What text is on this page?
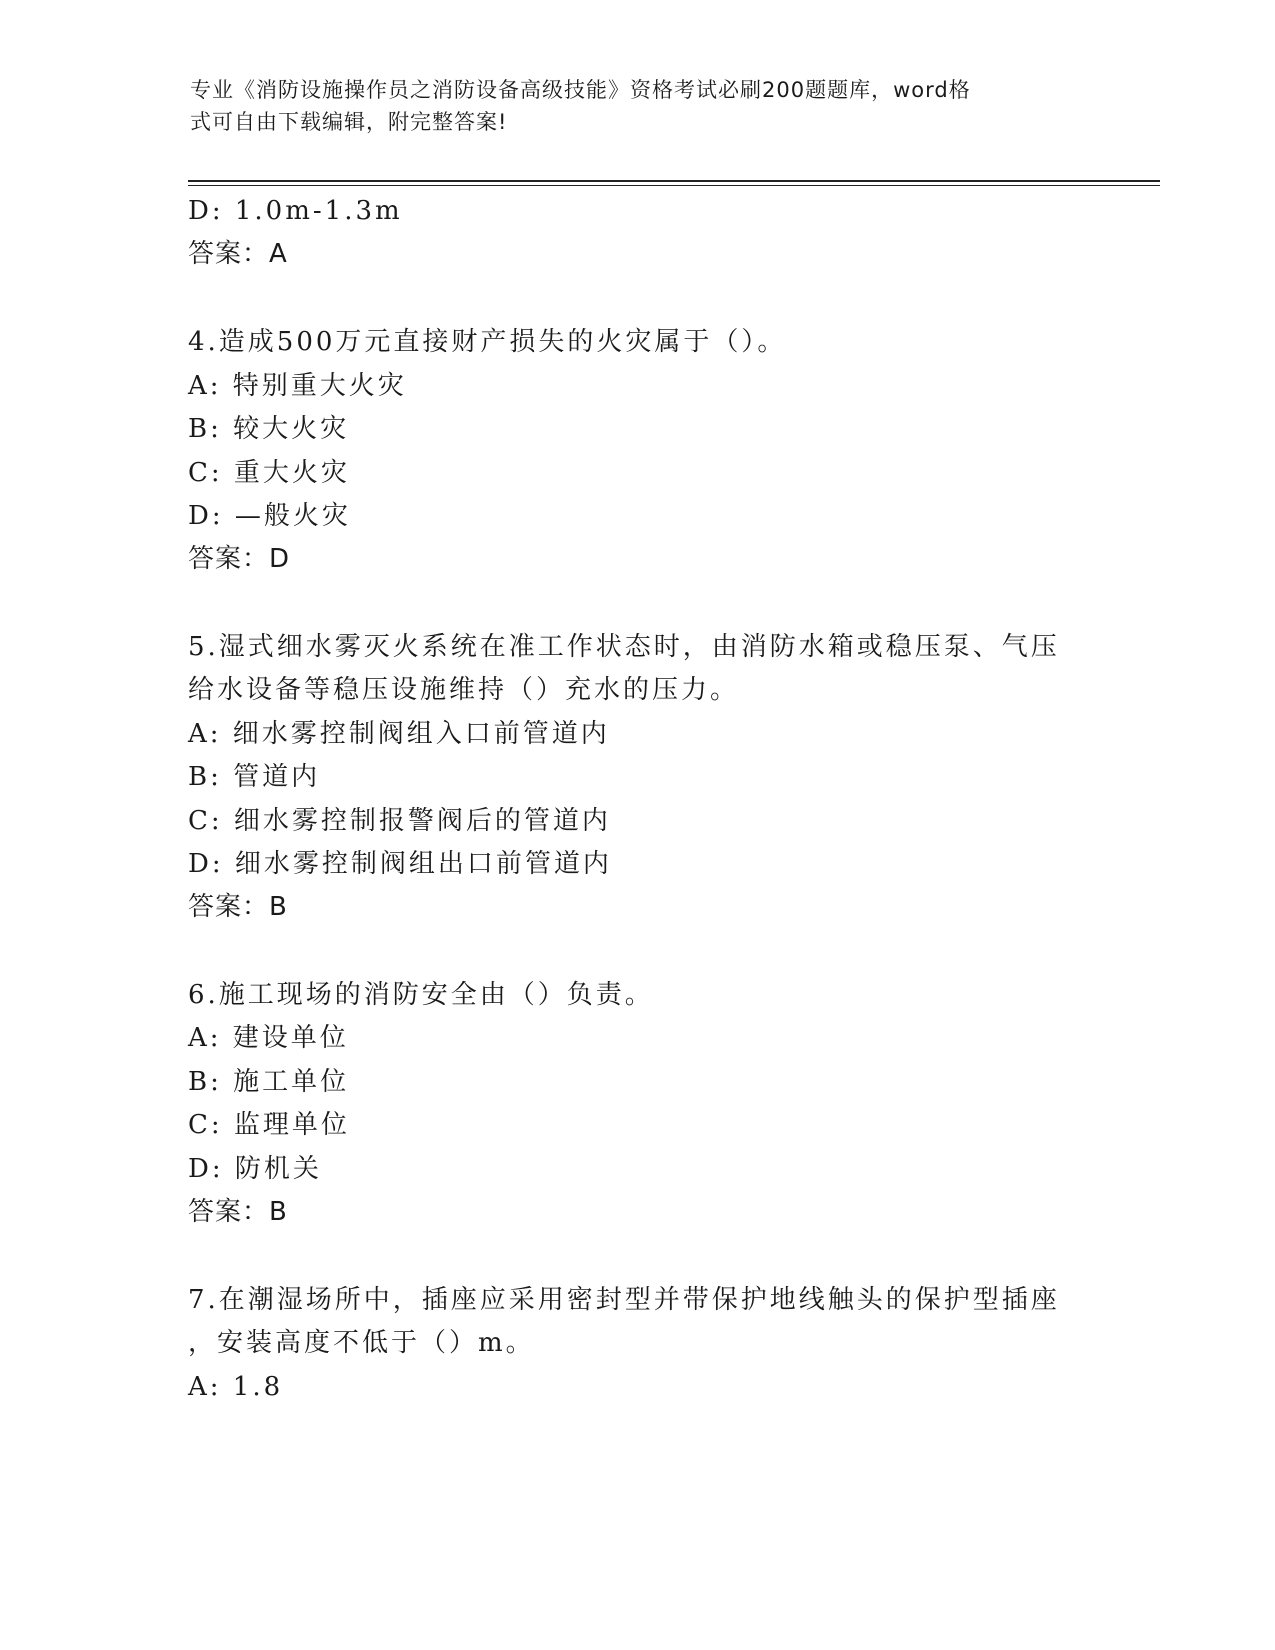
专业《消防设施操作员之消防设备高级技能》资格考试必刷200题题库，word格
式可自由下载编辑，附完整答案!
D: 1.0m-1.3m
答案：A
4.造成500万元直接财产损失的火灾属于（）。
A: 特别重大火灾
B: 较大火灾
C: 重大火灾
D: —般火灾
答案：D
5.湿式细水雾灭火系统在准工作状态时，由消防水箱或稳压泵、气压
给水设备等稳压设施维持（）充水的压力。
A: 细水雾控制阀组入口前管道内
B: 管道内
C: 细水雾控制报警阀后的管道内
D: 细水雾控制阀组出口前管道内
答案：B
6.施工现场的消防安全由（）负责。
A: 建设单位
B: 施工单位
C: 监理单位
D: 防机关
答案：B
7.在潮湿场所中，插座应采用密封型并带保护地线触头的保护型插座
，安装高度不低于（）m。
A: 1.8
